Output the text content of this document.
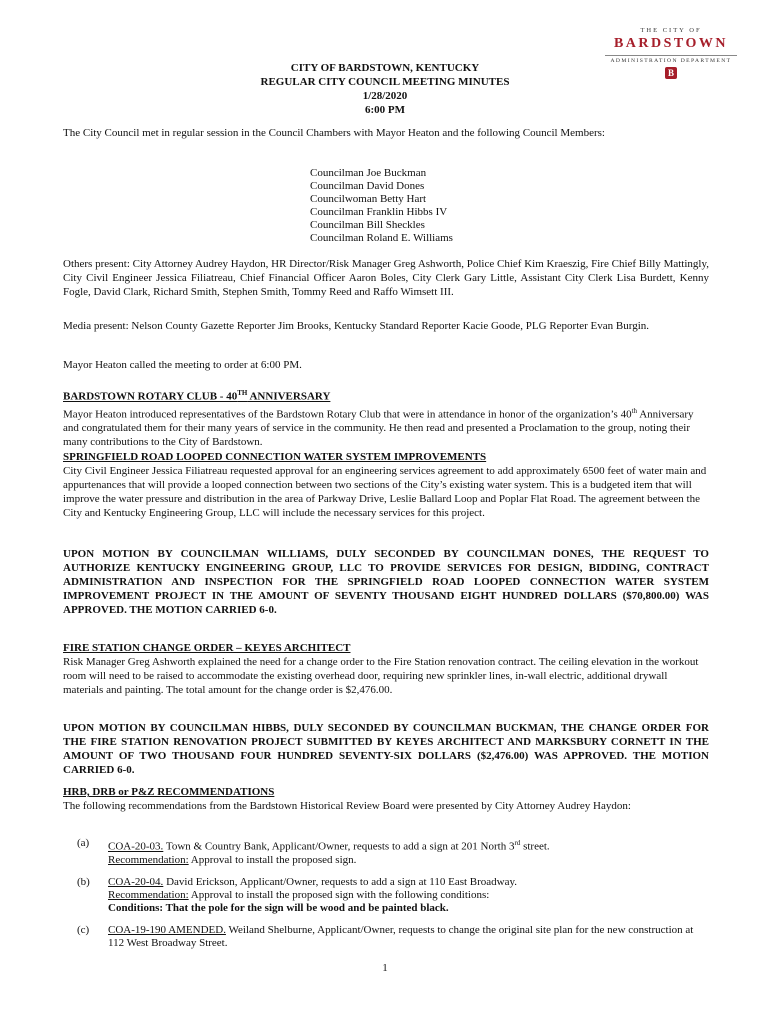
THE CITY OF
BARDSTOWN
ADMINISTRATION DEPARTMENT
B
CITY OF BARDSTOWN, KENTUCKY
REGULAR CITY COUNCIL MEETING MINUTES
1/28/2020
6:00 PM
The City Council met in regular session in the Council Chambers with Mayor Heaton and the following Council Members:
Councilman Joe Buckman
Councilman David Dones
Councilwoman Betty Hart
Councilman Franklin Hibbs IV
Councilman Bill Sheckles
Councilman Roland E. Williams
Others present: City Attorney Audrey Haydon, HR Director/Risk Manager Greg Ashworth, Police Chief Kim Kraeszig, Fire Chief Billy Mattingly, City Civil Engineer Jessica Filiatreau, Chief Financial Officer Aaron Boles, City Clerk Gary Little, Assistant City Clerk Lisa Burdett, Kenny Fogle, David Clark, Richard Smith, Stephen Smith, Tommy Reed and Raffo Wimsett III.
Media present: Nelson County Gazette Reporter Jim Brooks, Kentucky Standard Reporter Kacie Goode, PLG Reporter Evan Burgin.
Mayor Heaton called the meeting to order at 6:00 PM.
BARDSTOWN ROTARY CLUB - 40TH ANNIVERSARY
Mayor Heaton introduced representatives of the Bardstown Rotary Club that were in attendance in honor of the organization’s 40th Anniversary and congratulated them for their many years of service in the community. He then read and presented a Proclamation to the group, noting their many contributions to the City of Bardstown.
SPRINGFIELD ROAD LOOPED CONNECTION WATER SYSTEM IMPROVEMENTS
City Civil Engineer Jessica Filiatreau requested approval for an engineering services agreement to add approximately 6500 feet of water main and appurtenances that will provide a looped connection between two sections of the City’s existing water system. This is a budgeted item that will improve the water pressure and distribution in the area of Parkway Drive, Leslie Ballard Loop and Poplar Flat Road. The agreement between the City and Kentucky Engineering Group, LLC will include the necessary services for this project.
UPON MOTION BY COUNCILMAN WILLIAMS, DULY SECONDED BY COUNCILMAN DONES, THE REQUEST TO AUTHORIZE KENTUCKY ENGINEERING GROUP, LLC TO PROVIDE SERVICES FOR DESIGN, BIDDING, CONTRACT ADMINISTRATION AND INSPECTION FOR THE SPRINGFIELD ROAD LOOPED CONNECTION WATER SYSTEM IMPROVEMENT PROJECT IN THE AMOUNT OF SEVENTY THOUSAND EIGHT HUNDRED DOLLARS ($70,800.00) WAS APPROVED. THE MOTION CARRIED 6-0.
FIRE STATION CHANGE ORDER – KEYES ARCHITECT
Risk Manager Greg Ashworth explained the need for a change order to the Fire Station renovation contract. The ceiling elevation in the workout room will need to be raised to accommodate the existing overhead door, requiring new sprinkler lines, in-wall electric, additional drywall materials and painting. The total amount for the change order is $2,476.00.
UPON MOTION BY COUNCILMAN HIBBS, DULY SECONDED BY COUNCILMAN BUCKMAN, THE CHANGE ORDER FOR THE FIRE STATION RENOVATION PROJECT SUBMITTED BY KEYES ARCHITECT AND MARKSBURY CORNETT IN THE AMOUNT OF TWO THOUSAND FOUR HUNDRED SEVENTY-SIX DOLLARS ($2,476.00) WAS APPROVED. THE MOTION CARRIED 6-0.
HRB, DRB or P&Z RECOMMENDATIONS
The following recommendations from the Bardstown Historical Review Board were presented by City Attorney Audrey Haydon:
(a) COA-20-03. Town & Country Bank, Applicant/Owner, requests to add a sign at 201 North 3rd street.
Recommendation: Approval to install the proposed sign.
(b) COA-20-04. David Erickson, Applicant/Owner, requests to add a sign at 110 East Broadway.
Recommendation: Approval to install the proposed sign with the following conditions:
Conditions: That the pole for the sign will be wood and be painted black.
(c) COA-19-190 AMENDED. Weiland Shelburne, Applicant/Owner, requests to change the original site plan for the new construction at 112 West Broadway Street.
1
